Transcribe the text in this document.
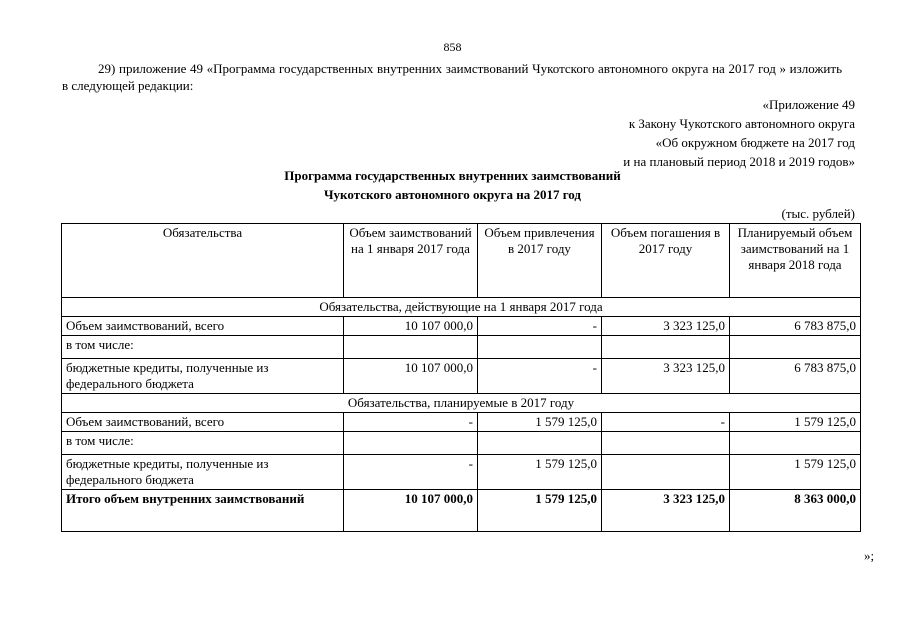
858
29) приложение 49 «Программа государственных внутренних заимствований Чукотского автономного округа на 2017 год » изложить в следующей редакции:
«Приложение 49
к Закону Чукотского автономного округа
«Об окружном бюджете на 2017 год
и на плановый период 2018 и 2019 годов»
Программа государственных внутренних заимствований
Чукотского автономного округа на 2017 год
(тыс. рублей)
Обязательства	Объем заимствований на 1 января 2017 года	Объем привлечения в 2017 году	Объем погашения в 2017 году	Планируемый объем заимствований на 1 января 2018 года
Обязательства, действующие на 1 января 2017 года				
Объем заимствований, всего	10 107 000,0	-	3 323 125,0	6 783 875,0
в том числе:				
бюджетные кредиты, полученные из федерального бюджета	10 107 000,0	-	3 323 125,0	6 783 875,0
Обязательства, планируемые в 2017 году				
Объем заимствований, всего	-	1 579 125,0	-	1 579 125,0
в том числе:				
бюджетные кредиты, полученные из федерального бюджета	-	1 579 125,0		1 579 125,0
Итого объем внутренних заимствований	10 107 000,0	1 579 125,0	3 323 125,0	8 363 000,0
»;
